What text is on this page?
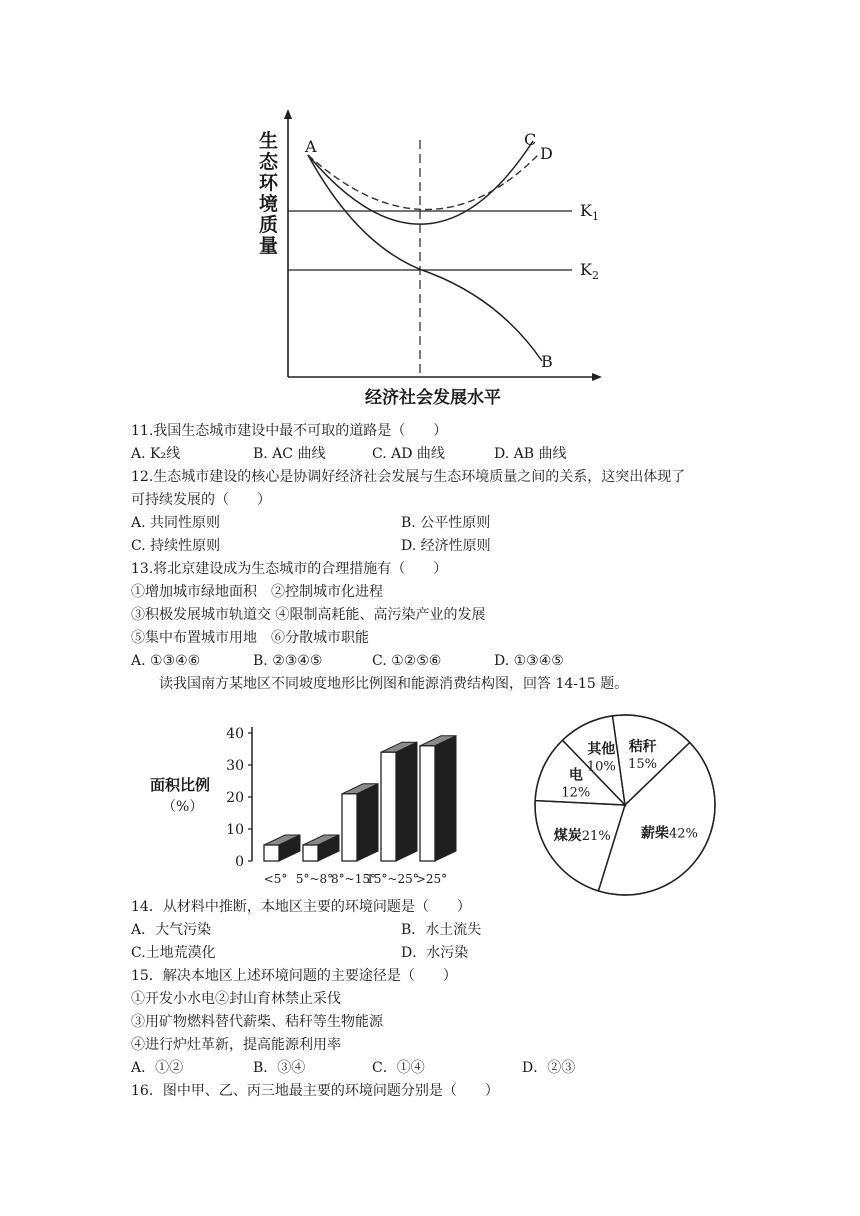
生
态
环
境
质
量
经济社会发展水平
A	C
D
B
$K_1$
$K_2$
11.我国生态城市建设中最不可取的道路是（　　）
A. K₂线	B. AC 曲线	C. AD 曲线	D. AB 曲线
12.生态城市建设的核心是协调好经济社会发展与生态环境质量之间的关系，这突出体现了
可持续发展的（　　）
A. 共同性原则	B. 公平性原则
C. 持续性原则	D. 经济性原则
13.将北京建设成为生态城市的合理措施有（　　）
①增加城市绿地面积　②控制城市化进程
③积极发展城市轨道交 ④限制高耗能、高污染产业的发展
⑤集中布置城市用地　⑥分散城市职能
A. ①③④⑥	B. ②③④⑤	C. ①②⑤⑥	D. ①③④⑤
读我国南方某地区不同坡度地形比例图和能源消费结构图，回答 14-15 题。
面积比例
（%）
0
10
20
30
40
<5° 5°~8°
8°~15°
15°~25°
>25°
秸秆
15%
薪柴42%
煤炭21%
电
12%
其他
10%
14．从材料中推断，本地区主要的环境问题是（　　）
A．大气污染	B．水土流失
C.土地荒漠化	D．水污染
15．解决本地区上述环境问题的主要途径是（　　）
①开发小水电②封山育林禁止采伐
③用矿物燃料替代薪柴、秸秆等生物能源
④进行炉灶革新，提高能源利用率
A．①②	B．③④	C．①④	D．②③
16．图中甲、乙、丙三地最主要的环境问题分别是（　　）
